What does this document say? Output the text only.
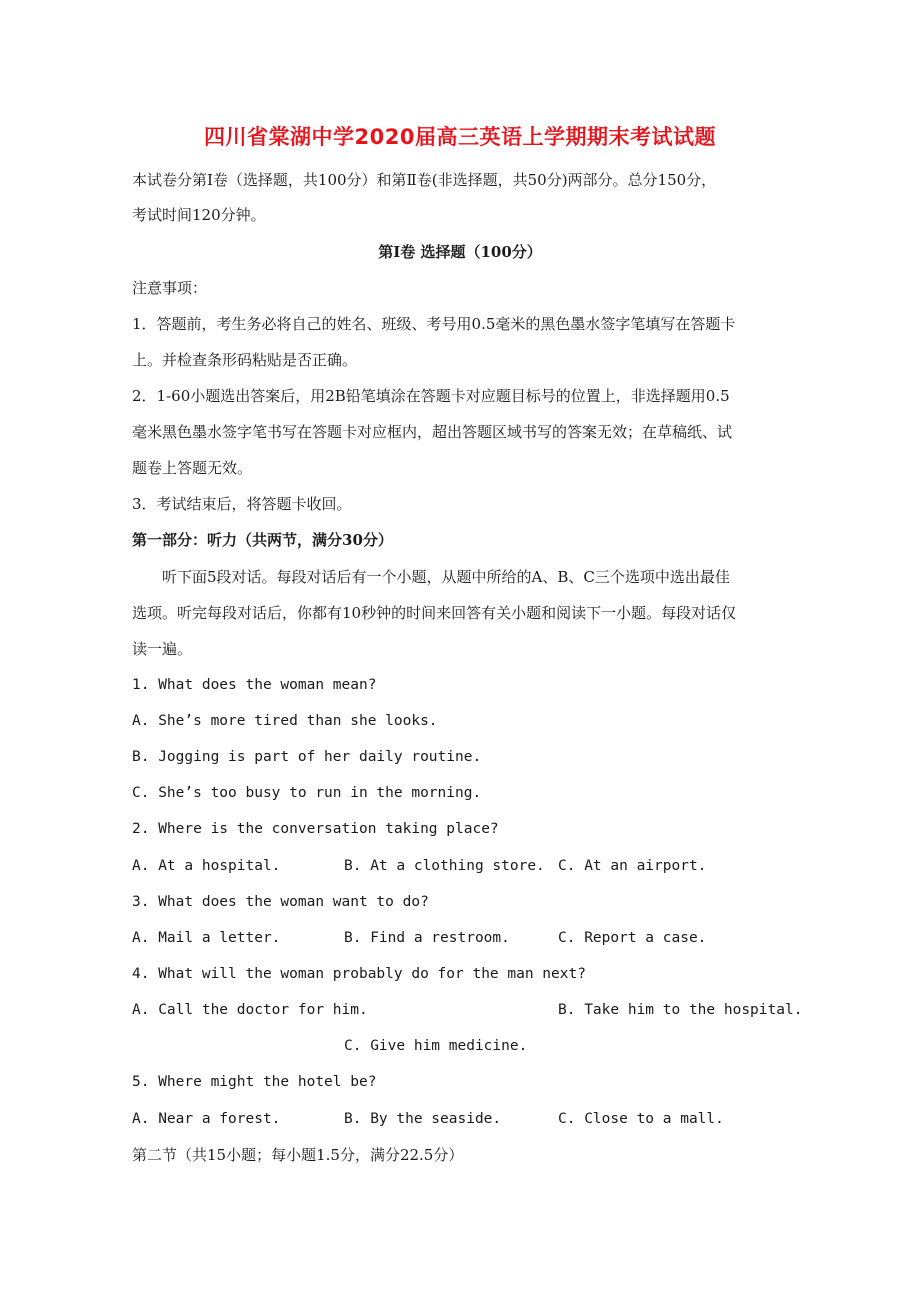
四川省棠湖中学2020届高三英语上学期期末考试试题
本试卷分第Ⅰ卷（选择题，共100分）和第Ⅱ卷(非选择题，共50分)两部分。总分150分，
考试时间120分钟。
第Ⅰ卷 选择题（100分）
注意事项：
1．答题前，考生务必将自己的姓名、班级、考号用0.5毫米的黑色墨水签字笔填写在答题卡
上。并检查条形码粘贴是否正确。
2．1-60小题选出答案后，用2B铅笔填涂在答题卡对应题目标号的位置上，非选择题用0.5
毫米黑色墨水签字笔书写在答题卡对应框内，超出答题区域书写的答案无效；在草稿纸、试
题卷上答题无效。
3．考试结束后，将答题卡收回。
第一部分：听力（共两节，满分30分）
听下面5段对话。每段对话后有一个小题，从题中所给的A、B、C三个选项中选出最佳
选项。听完每段对话后，你都有10秒钟的时间来回答有关小题和阅读下一小题。每段对话仅
读一遍。
1. What does the woman mean?
A. She’s more tired than she looks.
B. Jogging is part of her daily routine.
C. She’s too busy to run in the morning.
2. Where is the conversation taking place?
A. At a hospital.	B. At a clothing store. C. At an airport.
3. What does the woman want to do?
A. Mail a letter.	B. Find a restroom.	C. Report a case.
4. What will the woman probably do for the man next?
A. Call the doctor for him.	B. Take him to the hospital.
C. Give him medicine.
5. Where might the hotel be?
A. Near a forest.	B. By the seaside.	C. Close to a mall.
第二节（共15小题；每小题1.5分，满分22.5分）
